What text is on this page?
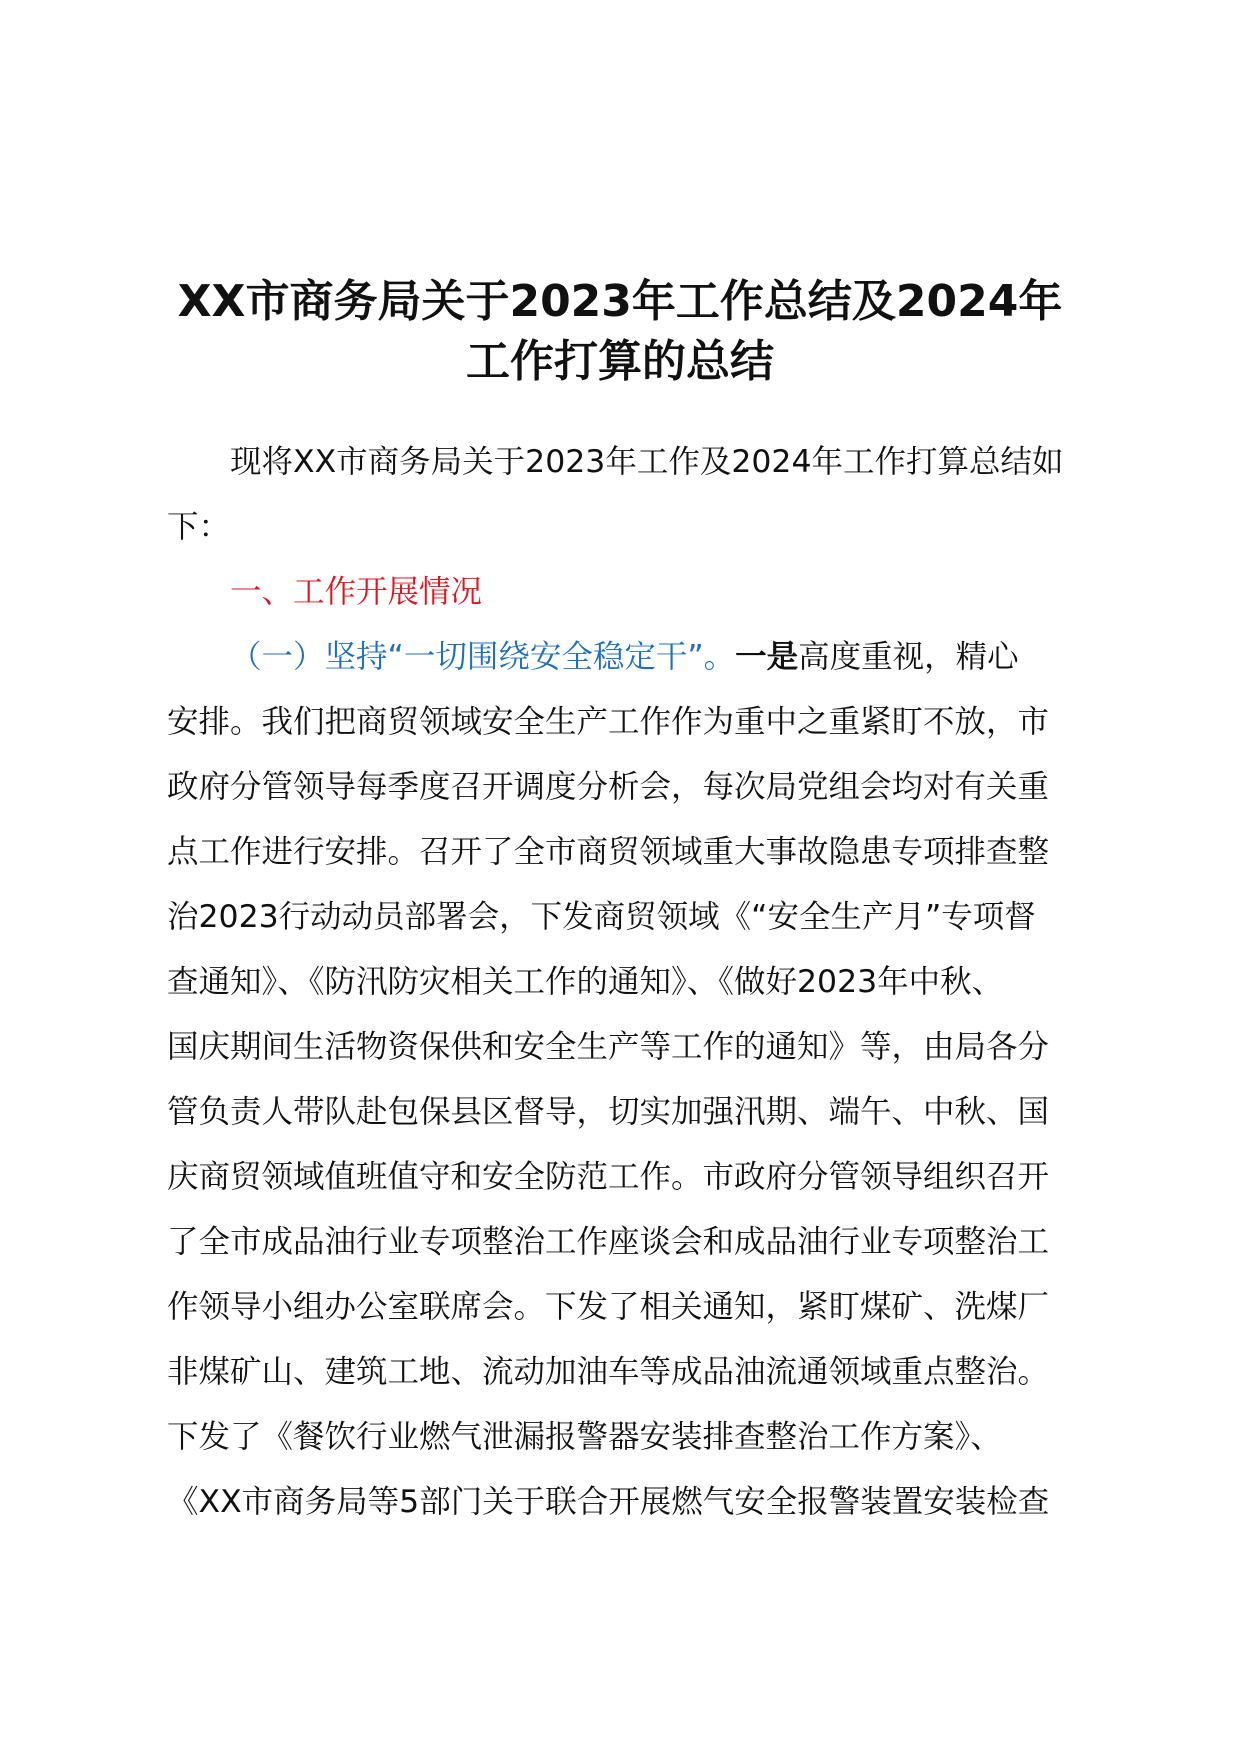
XX市商务局关于2023年工作总结及2024年
工作打算的总结
现将XX市商务局关于2023年工作及2024年工作打算总结如
下：
一、工作开展情况
（一）坚持“一切围绕安全稳定干”。一是高度重视，精心
安排。我们把商贸领域安全生产工作作为重中之重紧盯不放，市
政府分管领导每季度召开调度分析会，每次局党组会均对有关重
点工作进行安排。召开了全市商贸领域重大事故隐患专项排查整
治2023行动动员部署会，下发商贸领域《“安全生产月”专项督
查通知》、《防汛防灾相关工作的通知》、《做好2023年中秋、
国庆期间生活物资保供和安全生产等工作的通知》等，由局各分
管负责人带队赴包保县区督导，切实加强汛期、端午、中秋、国
庆商贸领域值班值守和安全防范工作。市政府分管领导组织召开
了全市成品油行业专项整治工作座谈会和成品油行业专项整治工
作领导小组办公室联席会。下发了相关通知，紧盯煤矿、洗煤厂
非煤矿山、建筑工地、流动加油车等成品油流通领域重点整治。
下发了《餐饮行业燃气泄漏报警器安装排查整治工作方案》、
《XX市商务局等5部门关于联合开展燃气安全报警装置安装检查
